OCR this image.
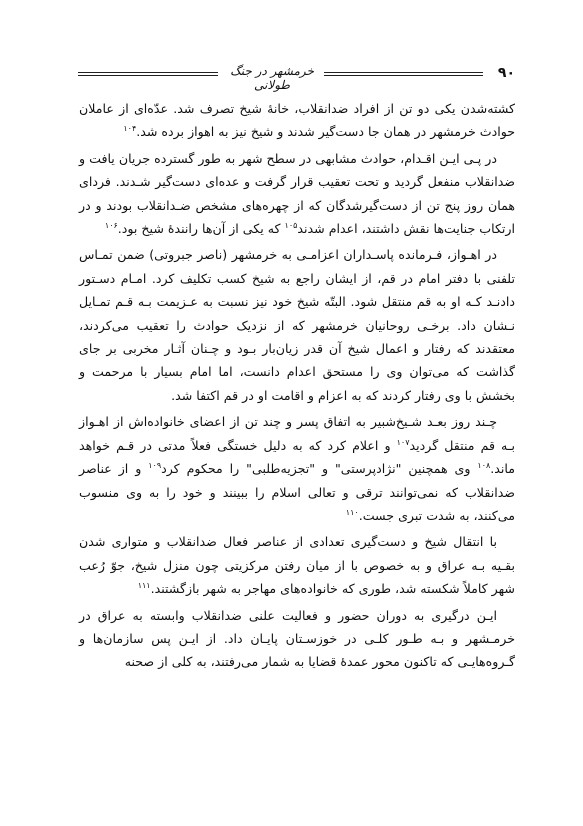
خرمشهر در جنگ طولانی
۹۰

کشته‌شدن یکی دو تن از افراد ضدانقلاب، خانهٔ شیخ تصرف شد. عدّه‌ای از عاملان حوادث خرمشهر در همان جا دست‌گیر شدند و شیخ نیز به اهواز برده شد.$^{۱۰۴}$

در پـی ایـن اقـدام، حوادث مشابهی در سطح شهر به طور گسترده جریان یافت و ضدانقلاب منفعل گردید و تحت تعقیب قرار گرفت و عده‌ای دست‌گیر شـدند. فردای همان روز پنج تن از دست‌گیرشدگان که از چهره‌های مشخص ضـدانقلاب بودند و در ارتکاب جنایت‌ها نقش داشتند، اعدام شدند$^{۱۰۵}$ که یکی از آن‌ها رانندهٔ شیخ بود.$^{۱۰۶}$

در اهـواز، فـرمانده پاسـداران اعزامـی به خرمشهر (ناصر جبروتی) ضمن تمـاس تلفنی با دفتر امام در قم، از ایشان راجع به شیخ کسب تکلیف کرد. امـام دسـتور دادنـد کـه او به قم منتقل شود. البتّه شیخ خود نیز نسبت به عـزیمت بـه قـم تمـایل نـشان داد. برخـی روحانیان خرمشهر که از نزدیک حوادث را تعقیب می‌کردند، معتقدند که رفتار و اعمال شیخ آن قدر زیان‌بار بـود و چـنان آثـار مخربی بر جای گذاشت که می‌توان وی را مستحق اعدام دانست، اما امام بسیار با مرحمت و بخشش با وی رفتار کردند که به اعزام و اقامت او در قم اکتفا شد.

چـند روز بعـد شـیخ‌شبیر به اتفاق پسر و چند تن از اعضای خانواده‌اش از اهـواز بـه قم منتقل گردید$^{۱۰۷}$ و اعلام کرد که به دلیل خستگی فعلاً مدتی در قـم خواهد ماند.$^{۱۰۸}$ وی همچنین "نژادپرستی" و "تجزیه‌طلبی" را محکوم کرد$^{۱۰۹}$ و از عناصر ضدانقلاب که نمی‌توانند ترقی و تعالی اسلام را ببینند و خود را به وی منسوب می‌کنند، به شدت تبری جست.$^{۱۱۰}$

با انتقال شیخ و دست‌گیری تعدادی از عناصر فعال ضدانقلاب و متواری شدن بقـیه بـه عراق و به خصوص با از میان رفتن مرکزیتی چون منزل شیخ، جوّ رُعب شهر کاملاً شکسته شد، طوری که خانواده‌های مهاجر به شهر بازگشتند.$^{۱۱۱}$

ایـن درگیری به دوران حضور و فعالیت علنی ضدانقلاب وابسته به عراق در خرمـشهر و بـه طـور کلـی در خوزسـتان پایـان داد. از ایـن پس سازمان‌ها و گـروه‌هایـی که تاکنون محور عمدهٔ قضایا به شمار می‌رفتند، به کلی از صحنه
